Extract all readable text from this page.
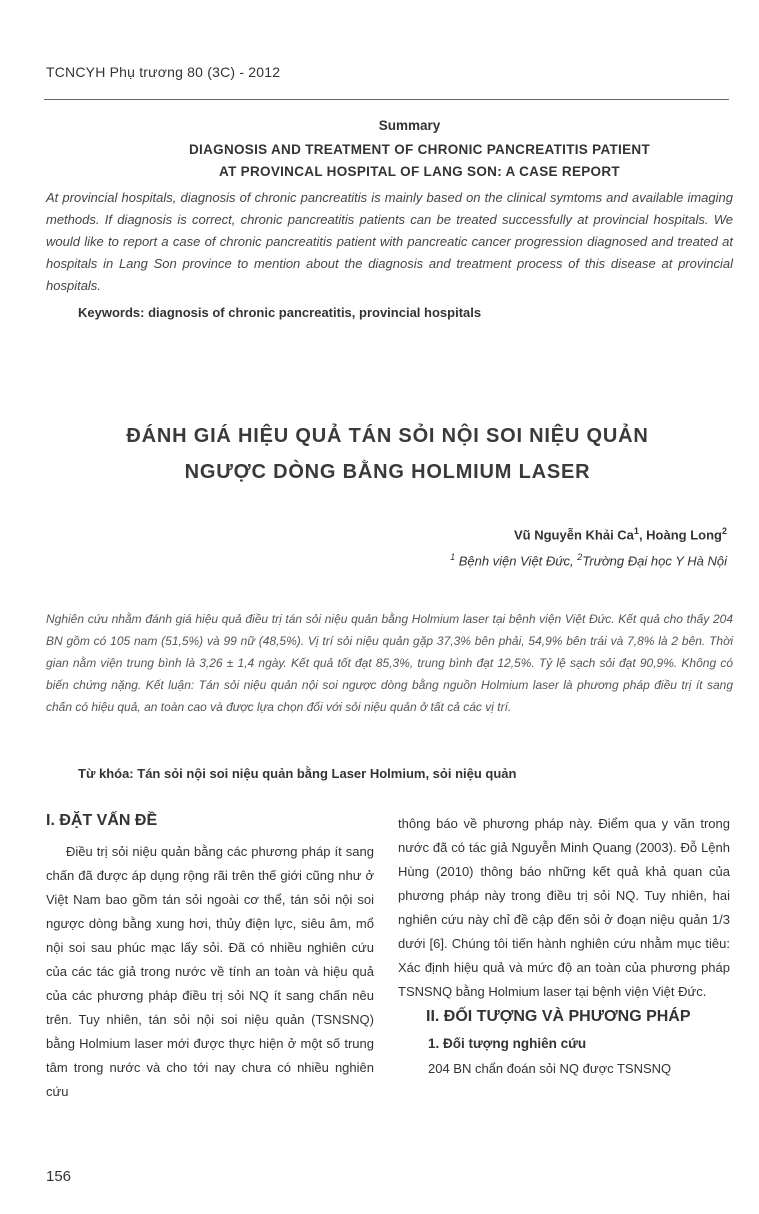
TCNCYH Phụ trương 80 (3C) - 2012
Summary
DIAGNOSIS AND TREATMENT OF CHRONIC PANCREATITIS PATIENT
AT PROVINCAL HOSPITAL OF LANG SON: A CASE REPORT

At provincial hospitals, diagnosis of chronic pancreatitis is mainly based on the clinical symtoms and available imaging methods. If diagnosis is correct, chronic pancreatitis patients can be treated successfully at provincial hospitals. We would like to report a case of chronic pancreatitis patient with pancreatic cancer progression diagnosed and treated at hospitals in Lang Son province to mention about the diagnosis and treatment process of this disease at provincial hospitals.

Keywords: diagnosis of chronic pancreatitis, provincial hospitals
ĐÁNH GIÁ HIỆU QUẢ TÁN SỎI NỘI SOI NIỆU QUẢN
NGƯỢC DÒNG BẰNG HOLMIUM LASER
Vũ Nguyễn Khải Ca$^1$, Hoàng Long$^2$
$^1$ Bệnh viện Việt Đức, $^2$Trường Đại học Y Hà Nội

Nghiên cứu nhằm đánh giá hiệu quả điều trị tán sỏi niệu quản bằng Holmium laser tại bệnh viện Việt Đức. Kết quả cho thấy 204 BN gồm có 105 nam (51,5%) và 99 nữ (48,5%). Vị trí sỏi niệu quản gặp 37,3% bên phải, 54,9% bên trái và 7,8% là 2 bên. Thời gian nằm viện trung bình là 3,26 ± 1,4 ngày. Kết quả tốt đạt 85,3%, trung bình đạt 12,5%. Tỷ lệ sạch sỏi đạt 90,9%. Không có biến chứng nặng. Kết luận: Tán sỏi niệu quản nội soi ngược dòng bằng nguồn Holmium laser là phương pháp điều trị ít sang chấn có hiệu quả, an toàn cao và được lựa chọn đối với sỏi niệu quản ở tất cả các vị trí.

Từ khóa: Tán sỏi nội soi niệu quản bằng Laser Holmium, sỏi niệu quản
I. ĐẶT VẤN ĐỀ

Điều trị sỏi niệu quản bằng các phương pháp ít sang chấn đã được áp dụng rộng rãi trên thế giới cũng như ở Việt Nam bao gồm tán sỏi ngoài cơ thể, tán sỏi nội soi ngược dòng bằng xung hơi, thủy điện lực, siêu âm, mổ nội soi sau phúc mạc lấy sỏi. Đã có nhiều nghiên cứu của các tác giả trong nước về tính an toàn và hiệu quả của các phương pháp điều trị sỏi NQ ít sang chấn nêu trên. Tuy nhiên, tán sỏi nội soi niệu quản (TSNSNQ) bằng Holmium laser mới được thực hiện ở một số trung tâm trong nước và cho tới nay chưa có nhiều nghiên cứu

thông báo về phương pháp này. Điểm qua y văn trong nước đã có tác giả Nguyễn Minh Quang (2003). Đỗ Lệnh Hùng (2010) thông báo những kết quả khả quan của phương pháp này trong điều trị sỏi NQ. Tuy nhiên, hai nghiên cứu này chỉ đề cập đến sỏi ở đoạn niệu quản 1/3 dưới [6]. Chúng tôi tiến hành nghiên cứu nhằm mục tiêu: Xác định hiệu quả và mức độ an toàn của phương pháp TSNSNQ bằng Holmium laser tại bệnh viện Việt Đức.

II. ĐỐI TƯỢNG VÀ PHƯƠNG PHÁP
1. Đối tượng nghiên cứu

204 BN chẩn đoán sỏi NQ được TSNSNQ

156
